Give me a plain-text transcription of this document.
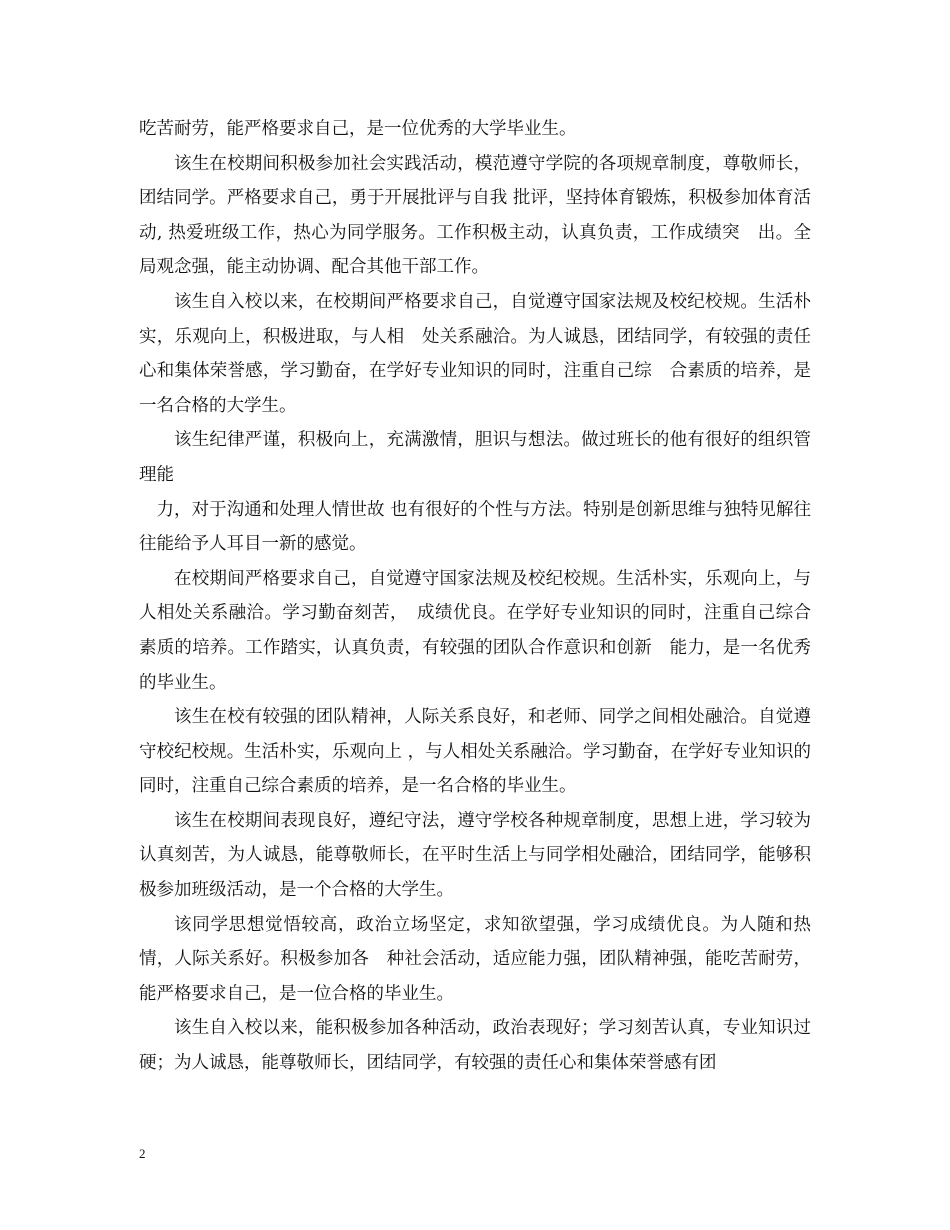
吃苦耐劳，能严格要求自己，是一位优秀的大学毕业生。

该生在校期间积极参加社会实践活动，模范遵守学院的各项规章制度，尊敬师长，团结同学。严格要求自己，勇于开展批评与自我 批评，坚持体育锻炼，积极参加体育活动, 热爱班级工作，热心为同学服务。工作积极主动，认真负责，工作成绩突　出。全局观念强，能主动协调、配合其他干部工作。

该生自入校以来，在校期间严格要求自己，自觉遵守国家法规及校纪校规。生活朴实，乐观向上，积极进取，与人相　处关系融洽。为人诚恳，团结同学，有较强的责任心和集体荣誉感，学习勤奋，在学好专业知识的同时，注重自己综　合素质的培养，是一名合格的大学生。

该生纪律严谨，积极向上，充满激情，胆识与想法。做过班长的他有很好的组织管理能

力，对于沟通和处理人情世故 也有很好的个性与方法。特别是创新思维与独特见解往往能给予人耳目一新的感觉。

在校期间严格要求自己，自觉遵守国家法规及校纪校规。生活朴实，乐观向上，与人相处关系融洽。学习勤奋刻苦，　成绩优良。在学好专业知识的同时，注重自己综合素质的培养。工作踏实，认真负责，有较强的团队合作意识和创新　能力，是一名优秀的毕业生。

该生在校有较强的团队精神，人际关系良好，和老师、同学之间相处融洽。自觉遵守校纪校规。生活朴实，乐观向上 ，与人相处关系融洽。学习勤奋，在学好专业知识的同时，注重自己综合素质的培养，是一名合格的毕业生。

该生在校期间表现良好，遵纪守法，遵守学校各种规章制度，思想上进，学习较为认真刻苦，为人诚恳，能尊敬师长，在平时生活上与同学相处融洽，团结同学，能够积极参加班级活动，是一个合格的大学生。

该同学思想觉悟较高，政治立场坚定，求知欲望强，学习成绩优良。为人随和热情，人际关系好。积极参加各　种社会活动，适应能力强，团队精神强，能吃苦耐劳，能严格要求自己，是一位合格的毕业生。

该生自入校以来，能积极参加各种活动，政治表现好；学习刻苦认真，专业知识过硬；为人诚恳，能尊敬师长，团结同学，有较强的责任心和集体荣誉感有团

2
